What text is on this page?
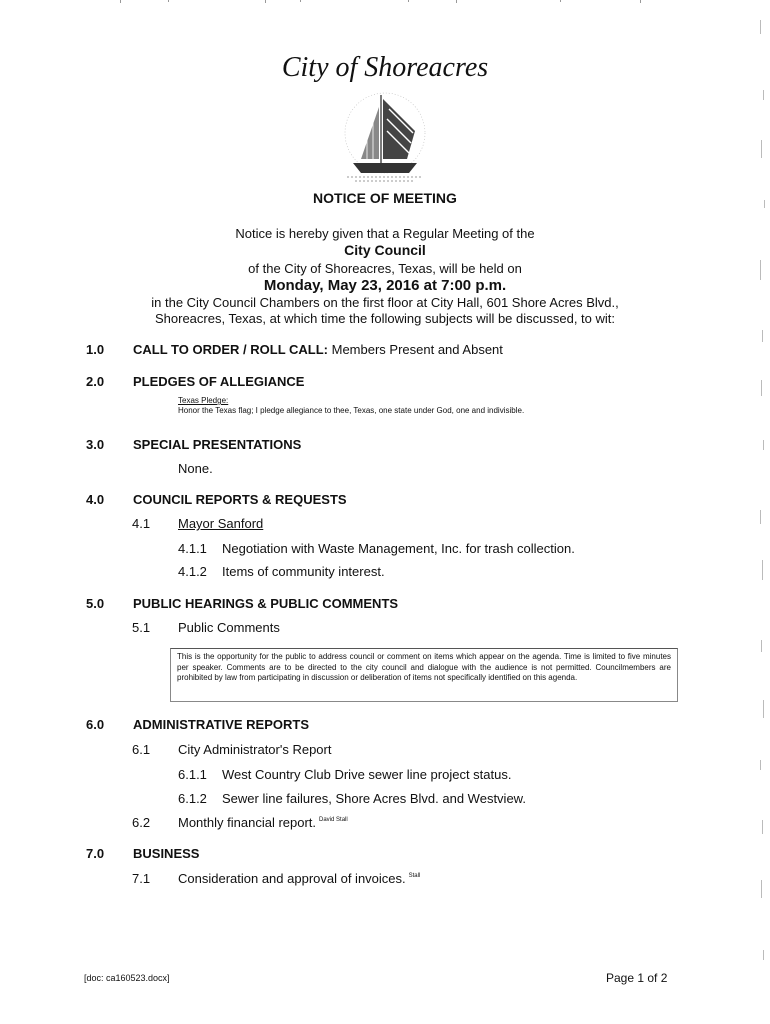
City of Shoreacres
NOTICE OF MEETING
Notice is hereby given that a Regular Meeting of the
City Council
of the City of Shoreacres, Texas, will be held on
Monday, May 23, 2016 at 7:00 p.m.
in the City Council Chambers on the first floor at City Hall, 601 Shore Acres Blvd.,
Shoreacres, Texas, at which time the following subjects will be discussed, to wit:
1.0 CALL TO ORDER / ROLL CALL: Members Present and Absent
2.0 PLEDGES OF ALLEGIANCE
Texas Pledge:
Honor the Texas flag; I pledge allegiance to thee, Texas, one state under God, one and indivisible.
3.0 SPECIAL PRESENTATIONS
None.
4.0 COUNCIL REPORTS & REQUESTS
4.1 Mayor Sanford
4.1.1 Negotiation with Waste Management, Inc. for trash collection.
4.1.2 Items of community interest.
5.0 PUBLIC HEARINGS & PUBLIC COMMENTS
5.1 Public Comments
This is the opportunity for the public to address council or comment on items which appear on the agenda. Time is limited to five minutes per speaker. Comments are to be directed to the city council and dialogue with the audience is not permitted. Councilmembers are prohibited by law from participating in discussion or deliberation of items not specifically identified on this agenda.
6.0 ADMINISTRATIVE REPORTS
6.1 City Administrator's Report
6.1.1 West Country Club Drive sewer line project status.
6.1.2 Sewer line failures, Shore Acres Blvd. and Westview.
6.2 Monthly financial report. $^{David Stall}$
7.0 BUSINESS
7.1 Consideration and approval of invoices. $^{Stall}$
[doc: ca160523.docx]	Page 1 of 2
